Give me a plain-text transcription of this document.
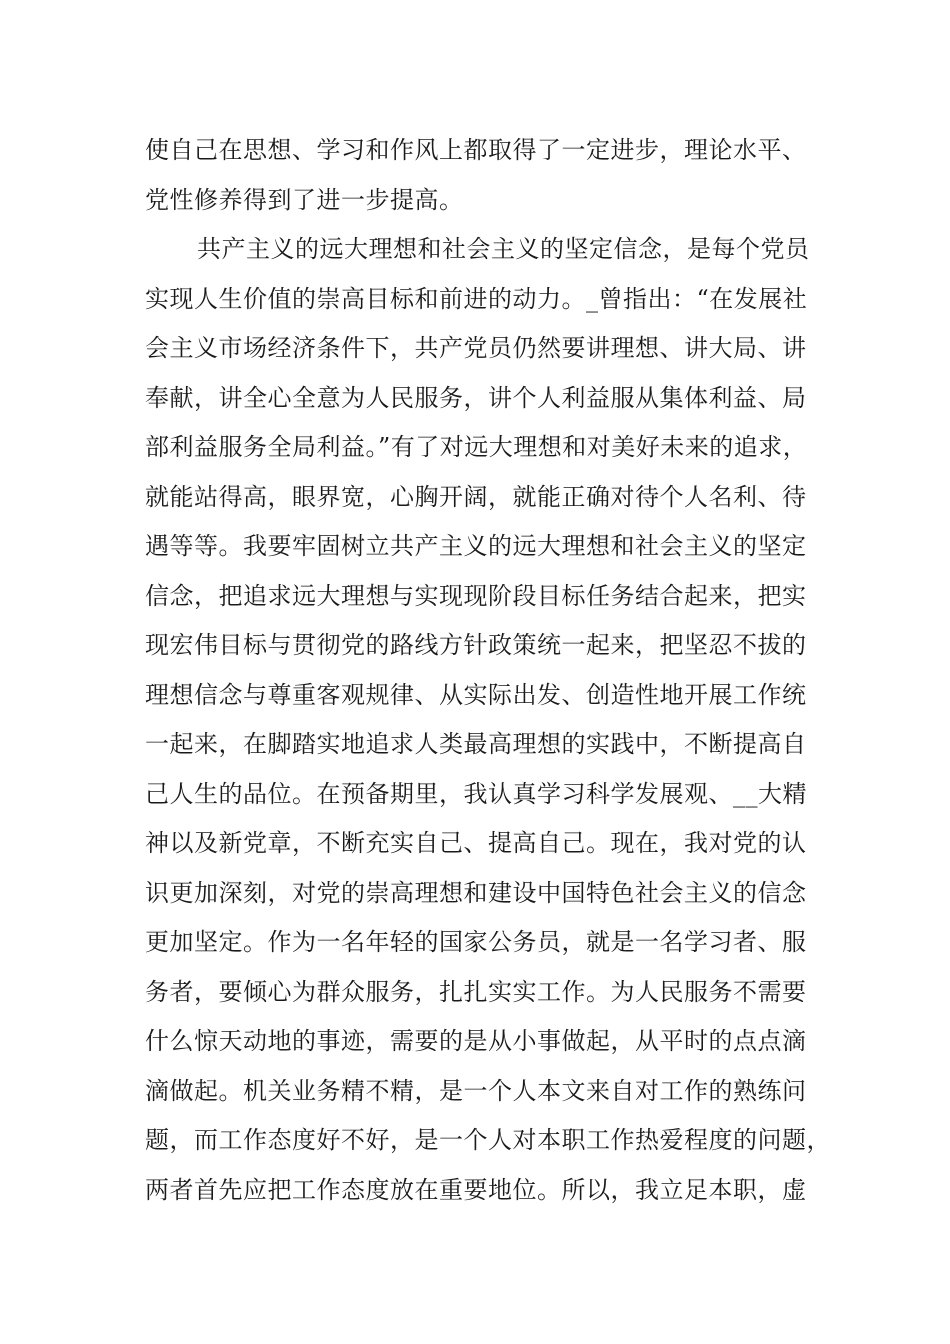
使自己在思想、学习和作风上都取得了一定进步，理论水平、
党性修养得到了进一步提高。
共产主义的远大理想和社会主义的坚定信念，是每个党员
实现人生价值的崇高目标和前进的动力。_曾指出：“在发展社
会主义市场经济条件下，共产党员仍然要讲理想、讲大局、讲
奉献，讲全心全意为人民服务，讲个人利益服从集体利益、局
部利益服务全局利益。”有了对远大理想和对美好未来的追求，
就能站得高，眼界宽，心胸开阔，就能正确对待个人名利、待
遇等等。我要牢固树立共产主义的远大理想和社会主义的坚定
信念，把追求远大理想与实现现阶段目标任务结合起来，把实
现宏伟目标与贯彻党的路线方针政策统一起来，把坚忍不拔的
理想信念与尊重客观规律、从实际出发、创造性地开展工作统
一起来，在脚踏实地追求人类最高理想的实践中，不断提高自
己人生的品位。在预备期里，我认真学习科学发展观、__大精
神以及新党章，不断充实自己、提高自己。现在，我对党的认
识更加深刻，对党的崇高理想和建设中国特色社会主义的信念
更加坚定。作为一名年轻的国家公务员，就是一名学习者、服
务者，要倾心为群众服务，扎扎实实工作。为人民服务不需要
什么惊天动地的事迹，需要的是从小事做起，从平时的点点滴
滴做起。机关业务精不精，是一个人本文来自对工作的熟练问
题，而工作态度好不好，是一个人对本职工作热爱程度的问题，
两者首先应把工作态度放在重要地位。所以，我立足本职，虚
